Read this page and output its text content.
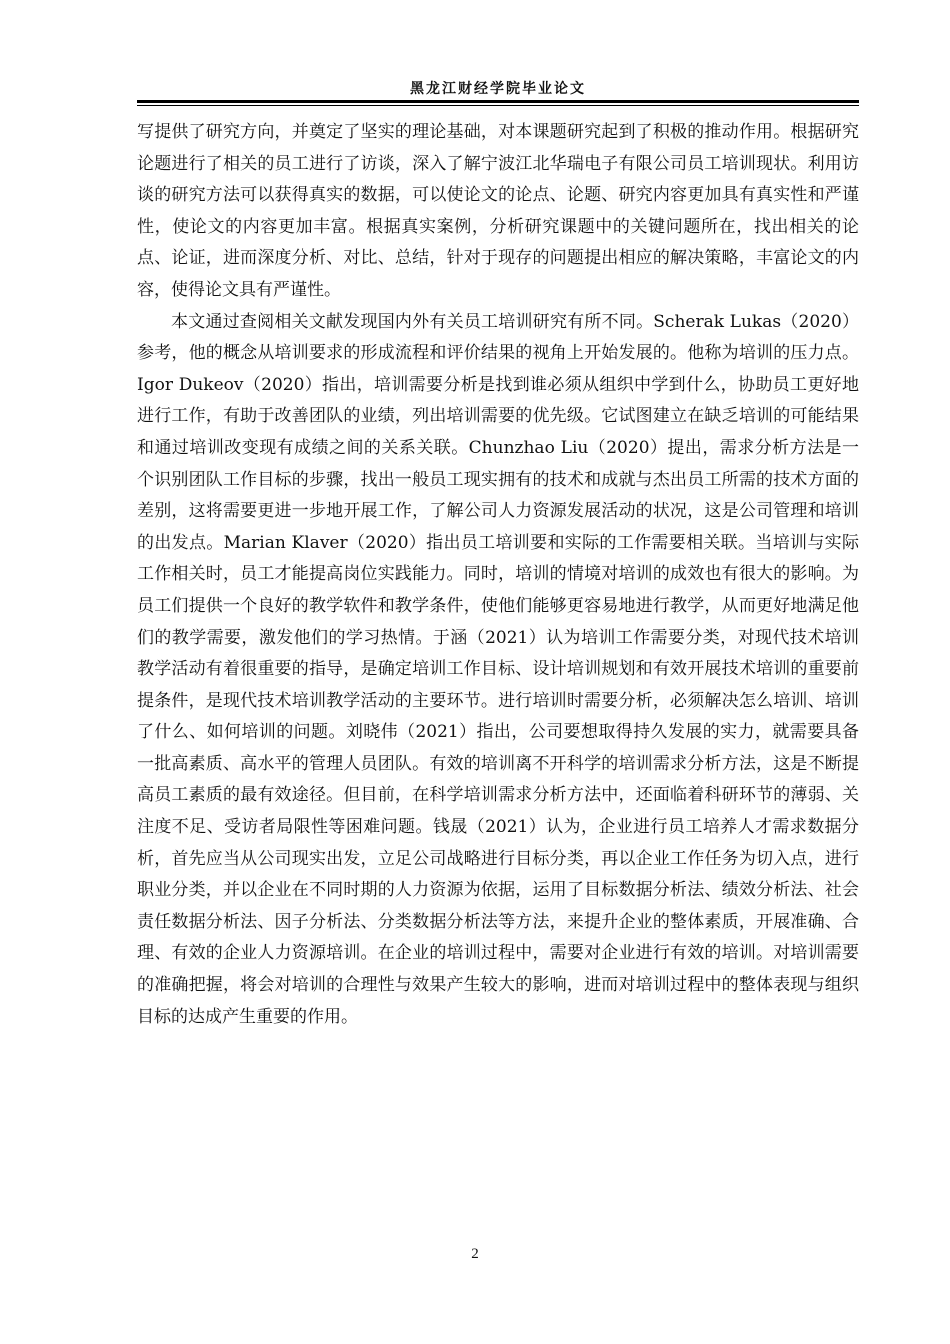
黑龙江财经学院毕业论文

写提供了研究方向，并奠定了坚实的理论基础，对本课题研究起到了积极的推动作用。根据研究论题进行了相关的员工进行了访谈，深入了解宁波江北华瑞电子有限公司员工培训现状。利用访谈的研究方法可以获得真实的数据，可以使论文的论点、论题、研究内容更加具有真实性和严谨性，使论文的内容更加丰富。根据真实案例，分析研究课题中的关键问题所在，找出相关的论点、论证，进而深度分析、对比、总结，针对于现存的问题提出相应的解决策略，丰富论文的内容，使得论文具有严谨性。

本文通过查阅相关文献发现国内外有关员工培训研究有所不同。Scherak Lukas（2020）参考，他的概念从培训要求的形成流程和评价结果的视角上开始发展的。他称为培训的压力点。Igor Dukeov（2020）指出，培训需要分析是找到谁必须从组织中学到什么，协助员工更好地进行工作，有助于改善团队的业绩，列出培训需要的优先级。它试图建立在缺乏培训的可能结果和通过培训改变现有成绩之间的关系关联。Chunzhao Liu（2020）提出，需求分析方法是一个识别团队工作目标的步骤，找出一般员工现实拥有的技术和成就与杰出员工所需的技术方面的差别，这将需要更进一步地开展工作，了解公司人力资源发展活动的状况，这是公司管理和培训的出发点。Marian Klaver（2020）指出员工培训要和实际的工作需要相关联。当培训与实际工作相关时，员工才能提高岗位实践能力。同时，培训的情境对培训的成效也有很大的影响。为员工们提供一个良好的教学软件和教学条件，使他们能够更容易地进行教学，从而更好地满足他们的教学需要，激发他们的学习热情。于涵（2021）认为培训工作需要分类，对现代技术培训教学活动有着很重要的指导，是确定培训工作目标、设计培训规划和有效开展技术培训的重要前提条件，是现代技术培训教学活动的主要环节。进行培训时需要分析，必须解决怎么培训、培训了什么、如何培训的问题。刘晓伟（2021）指出，公司要想取得持久发展的实力，就需要具备一批高素质、高水平的管理人员团队。有效的培训离不开科学的培训需求分析方法，这是不断提高员工素质的最有效途径。但目前，在科学培训需求分析方法中，还面临着科研环节的薄弱、关注度不足、受访者局限性等困难问题。钱晟（2021）认为，企业进行员工培养人才需求数据分析，首先应当从公司现实出发，立足公司战略进行目标分类，再以企业工作任务为切入点，进行职业分类，并以企业在不同时期的人力资源为依据，运用了目标数据分析法、绩效分析法、社会责任数据分析法、因子分析法、分类数据分析法等方法，来提升企业的整体素质，开展准确、合理、有效的企业人力资源培训。在企业的培训过程中，需要对企业进行有效的培训。对培训需要的准确把握，将会对培训的合理性与效果产生较大的影响，进而对培训过程中的整体表现与组织目标的达成产生重要的作用。

2
